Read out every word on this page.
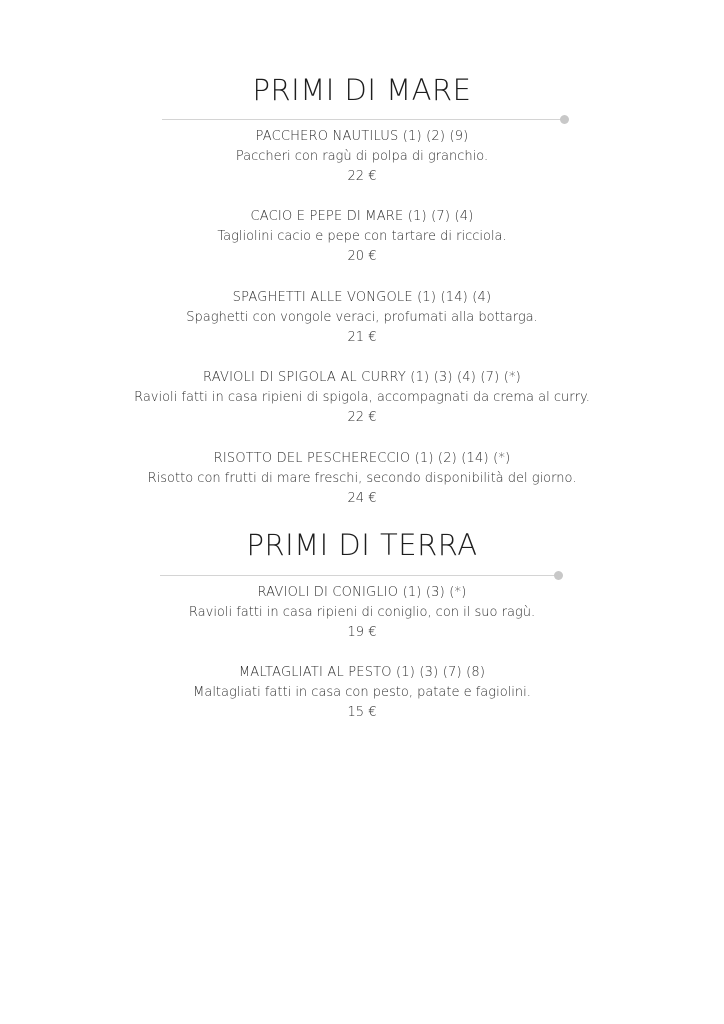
PRIMI DI MARE
PACCHERO NAUTILUS (1) (2) (9)
Paccheri con ragù di polpa di granchio.
22 €
CACIO E PEPE DI MARE (1) (7) (4)
Tagliolini cacio e pepe con tartare di ricciola.
20 €
SPAGHETTI ALLE VONGOLE (1) (14) (4)
Spaghetti con vongole veraci, profumati alla bottarga.
21 €
RAVIOLI DI SPIGOLA AL CURRY (1) (3) (4) (7) (*)
Ravioli fatti in casa ripieni di spigola, accompagnati da crema al curry.
22 €
RISOTTO DEL PESCHERECCIO (1) (2) (14) (*)
Risotto con frutti di mare freschi, secondo disponibilità del giorno.
24 €
PRIMI DI TERRA
RAVIOLI DI CONIGLIO (1) (3) (*)
Ravioli fatti in casa ripieni di coniglio, con il suo ragù.
19 €
MALTAGLIATI AL PESTO (1) (3) (7) (8)
Maltagliati fatti in casa con pesto, patate e fagiolini.
15 €
